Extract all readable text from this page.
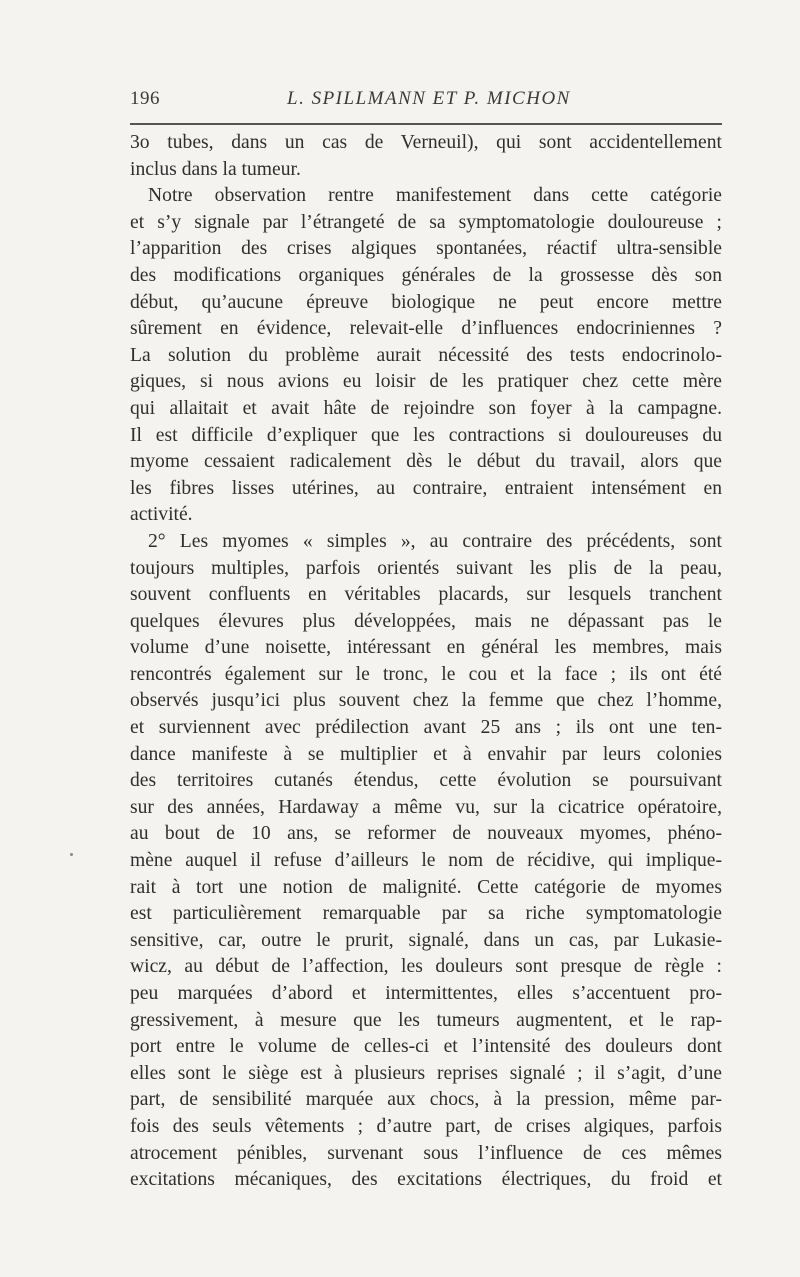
196	L. SPILLMANN ET P. MICHON
3o tubes, dans un cas de Verneuil), qui sont accidentellement
inclus dans la tumeur.
Notre observation rentre manifestement dans cette catégorie
et s’y signale par l’étrangeté de sa symptomatologie douloureuse ;
l’apparition des crises algiques spontanées, réactif ultra-sensible
des modifications organiques générales de la grossesse dès son
début, qu’aucune épreuve biologique ne peut encore mettre
sûrement en évidence, relevait-elle d’influences endocriniennes ?
La solution du problème aurait nécessité des tests endocrinolo-
giques, si nous avions eu loisir de les pratiquer chez cette mère
qui allaitait et avait hâte de rejoindre son foyer à la campagne.
Il est difficile d’expliquer que les contractions si douloureuses du
myome cessaient radicalement dès le début du travail, alors que
les fibres lisses utérines, au contraire, entraient intensément en
activité.
2° Les myomes « simples », au contraire des précédents, sont
toujours multiples, parfois orientés suivant les plis de la peau,
souvent confluents en véritables placards, sur lesquels tranchent
quelques élevures plus développées, mais ne dépassant pas le
volume d’une noisette, intéressant en général les membres, mais
rencontrés également sur le tronc, le cou et la face ; ils ont été
observés jusqu’ici plus souvent chez la femme que chez l’homme,
et surviennent avec prédilection avant 25 ans ; ils ont une ten-
dance manifeste à se multiplier et à envahir par leurs colonies
des territoires cutanés étendus, cette évolution se poursuivant
sur des années, Hardaway a même vu, sur la cicatrice opératoire,
au bout de 10 ans, se reformer de nouveaux myomes, phéno-
mène auquel il refuse d’ailleurs le nom de récidive, qui implique-
rait à tort une notion de malignité. Cette catégorie de myomes
est particulièrement remarquable par sa riche symptomatologie
sensitive, car, outre le prurit, signalé, dans un cas, par Lukasie-
wicz, au début de l’affection, les douleurs sont presque de règle :
peu marquées d’abord et intermittentes, elles s’accentuent pro-
gressivement, à mesure que les tumeurs augmentent, et le rap-
port entre le volume de celles-ci et l’intensité des douleurs dont
elles sont le siège est à plusieurs reprises signalé ; il s’agit, d’une
part, de sensibilité marquée aux chocs, à la pression, même par-
fois des seuls vêtements ; d’autre part, de crises algiques, parfois
atrocement pénibles, survenant sous l’influence de ces mêmes
excitations mécaniques, des excitations électriques, du froid et
